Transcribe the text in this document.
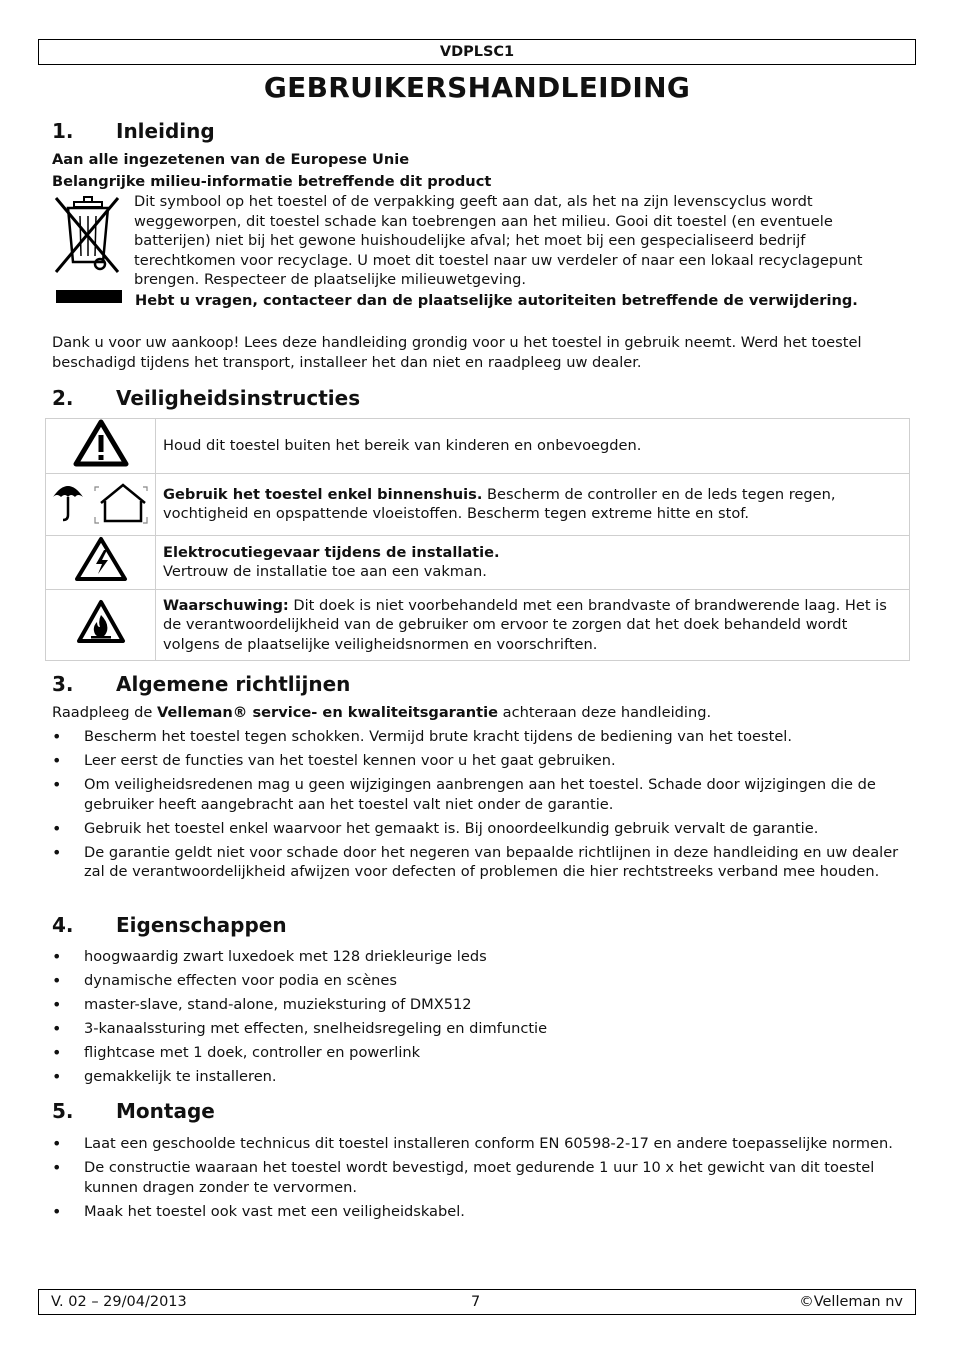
VDPLSC1
GEBRUIKERSHANDLEIDING
1. Inleiding
Aan alle ingezetenen van de Europese Unie
Belangrijke milieu-informatie betreffende dit product
Dit symbool op het toestel of de verpakking geeft aan dat, als het na zijn levenscyclus wordt weggeworpen, dit toestel schade kan toebrengen aan het milieu. Gooi dit toestel (en eventuele batterijen) niet bij het gewone huishoudelijke afval; het moet bij een gespecialiseerd bedrijf terechtkomen voor recyclage. U moet dit toestel naar uw verdeler of naar een lokaal recyclagepunt brengen. Respecteer de plaatselijke milieuwetgeving.
Hebt u vragen, contacteer dan de plaatselijke autoriteiten betreffende de verwijdering.
Dank u voor uw aankoop! Lees deze handleiding grondig voor u het toestel in gebruik neemt. Werd het toestel beschadigd tijdens het transport, installeer het dan niet en raadpleeg uw dealer.
2. Veiligheidsinstructies
	Houd dit toestel buiten het bereik van kinderen en onbevoegden.
	Gebruik het toestel enkel binnenshuis. Bescherm de controller en de leds tegen regen, vochtigheid en opspattende vloeistoffen. Bescherm tegen extreme hitte en stof.

Elektrocutiegevaar tijdens de installatie.
Vertrouw de installatie toe aan een vakman.

	Waarschuwing: Dit doek is niet voorbehandeld met een brandvaste of brandwerende laag. Het is de verantwoordelijkheid van de gebruiker om ervoor te zorgen dat het doek behandeld wordt volgens de plaatselijke veiligheidsnormen en voorschriften.
3. Algemene richtlijnen
Raadpleeg de Velleman® service- en kwaliteitsgarantie achteraan deze handleiding.
• Bescherm het toestel tegen schokken. Vermijd brute kracht tijdens de bediening van het toestel.
• Leer eerst de functies van het toestel kennen voor u het gaat gebruiken.
• Om veiligheidsredenen mag u geen wijzigingen aanbrengen aan het toestel. Schade door wijzigingen die de gebruiker heeft aangebracht aan het toestel valt niet onder de garantie.
• Gebruik het toestel enkel waarvoor het gemaakt is. Bij onoordeelkundig gebruik vervalt de garantie.
• De garantie geldt niet voor schade door het negeren van bepaalde richtlijnen in deze handleiding en uw dealer zal de verantwoordelijkheid afwijzen voor defecten of problemen die hier rechtstreeks verband mee houden.
4. Eigenschappen
• hoogwaardig zwart luxedoek met 128 driekleurige leds
• dynamische effecten voor podia en scènes
• master-slave, stand-alone, muzieksturing of DMX512
• 3-kanaalssturing met effecten, snelheidsregeling en dimfunctie
• flightcase met 1 doek, controller en powerlink
• gemakkelijk te installeren.
5. Montage
• Laat een geschoolde technicus dit toestel installeren conform EN 60598-2-17 en andere toepasselijke normen.
• De constructie waaraan het toestel wordt bevestigd, moet gedurende 1 uur 10 x het gewicht van dit toestel kunnen dragen zonder te vervormen.
• Maak het toestel ook vast met een veiligheidskabel.
V. 02 – 29/04/2013	7	©Velleman nv
